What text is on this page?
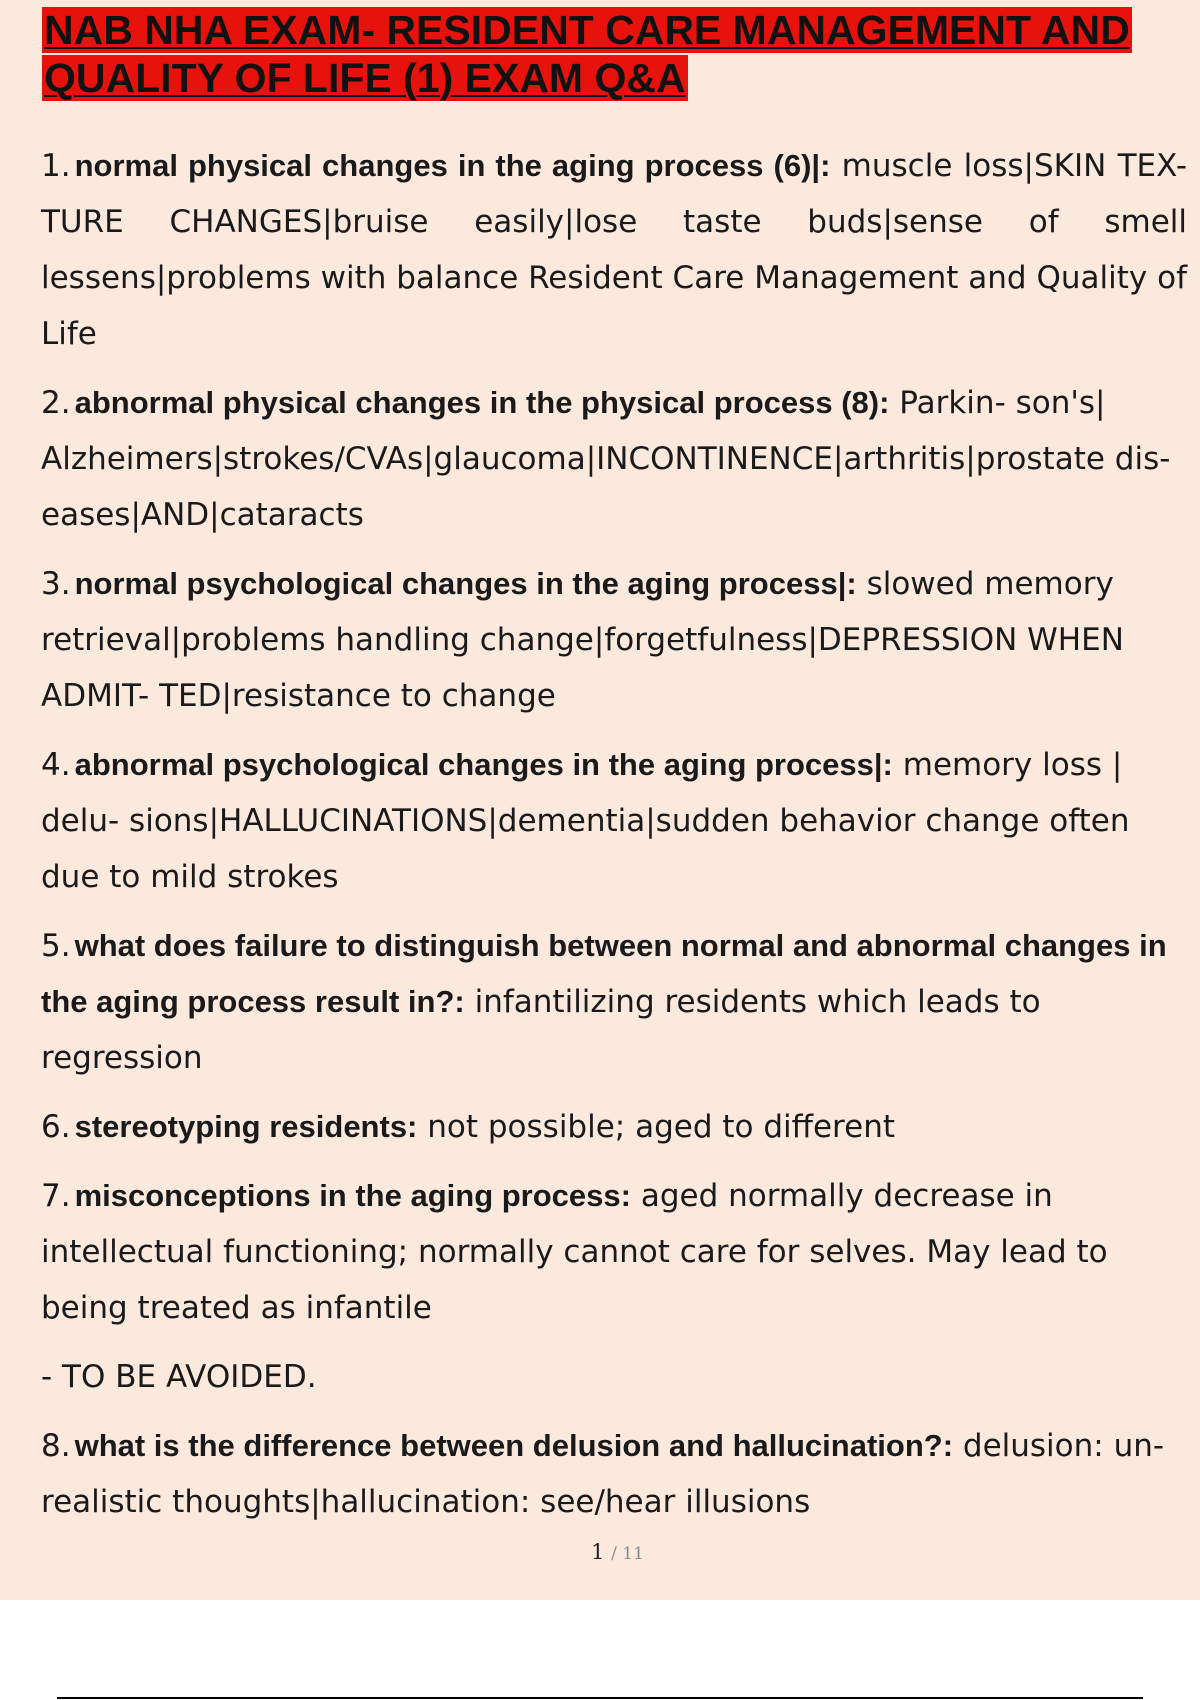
NAB NHA EXAM- RESIDENT CARE MANAGEMENT AND QUALITY OF LIFE (1) EXAM Q&A

1. normal physical changes in the aging process (6)|: muscle loss|SKIN TEX- TURE CHANGES|bruise easily|lose taste buds|sense of smell lessens|problems with balance Resident Care Management and Quality of Life

2. abnormal physical changes in the physical process (8): Parkin- son's| Alzheimers|strokes/CVAs|glaucoma|INCONTINENCE|arthritis|prostate dis- eases|AND|cataracts

3. normal psychological changes in the aging process|: slowed memory retrieval|problems handling change|forgetfulness|DEPRESSION WHEN ADMIT- TED|resistance to change

4. abnormal psychological changes in the aging process|: memory loss | delu- sions|HALLUCINATIONS|dementia|sudden behavior change often due to mild strokes

5. what does failure to distinguish between normal and abnormal changes in the aging process result in?: infantilizing residents which leads to regression

6. stereotyping residents: not possible; aged to different

7. misconceptions in the aging process: aged normally decrease in intellectual functioning; normally cannot care for selves. May lead to being treated as infantile

- TO BE AVOIDED.

8. what is the difference between delusion and hallucination?: delusion: un- realistic thoughts|hallucination: see/hear illusions

1 / 11
